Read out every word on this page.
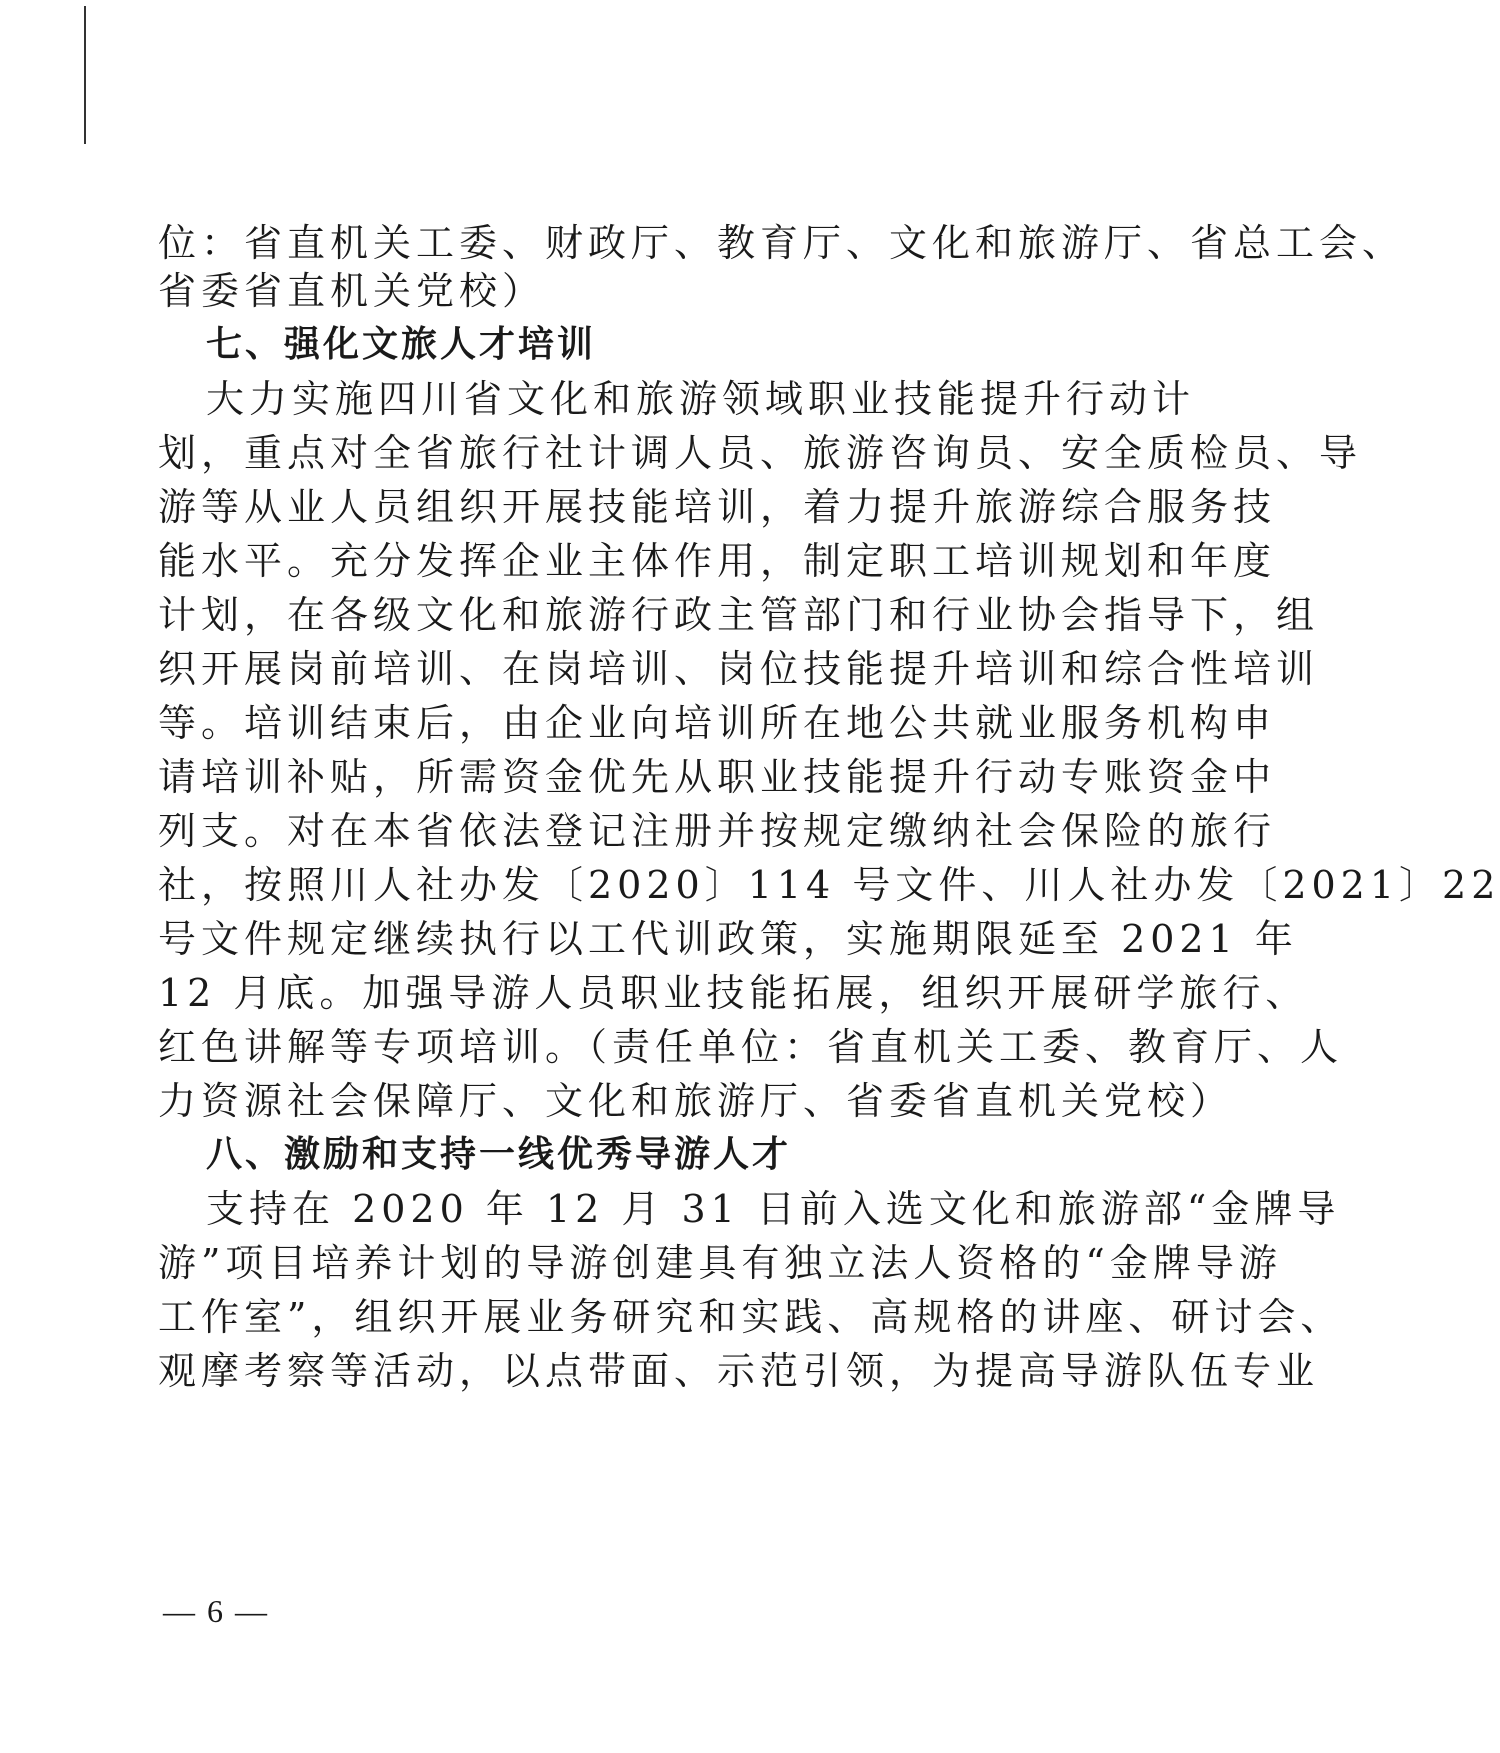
位：省直机关工委、财政厅、教育厅、文化和旅游厅、省总工会、
省委省直机关党校）
七、强化文旅人才培训
大力实施四川省文化和旅游领域职业技能提升行动计
划，重点对全省旅行社计调人员、旅游咨询员、安全质检员、导
游等从业人员组织开展技能培训，着力提升旅游综合服务技
能水平。充分发挥企业主体作用，制定职工培训规划和年度
计划，在各级文化和旅游行政主管部门和行业协会指导下，组
织开展岗前培训、在岗培训、岗位技能提升培训和综合性培训
等。培训结束后，由企业向培训所在地公共就业服务机构申
请培训补贴，所需资金优先从职业技能提升行动专账资金中
列支。对在本省依法登记注册并按规定缴纳社会保险的旅行
社，按照川人社办发〔2020〕114 号文件、川人社办发〔2021〕22
号文件规定继续执行以工代训政策，实施期限延至 2021 年
12 月底。加强导游人员职业技能拓展，组织开展研学旅行、
红色讲解等专项培训。（责任单位：省直机关工委、教育厅、人
力资源社会保障厅、文化和旅游厅、省委省直机关党校）
八、激励和支持一线优秀导游人才
支持在 2020 年 12 月 31 日前入选文化和旅游部“金牌导
游”项目培养计划的导游创建具有独立法人资格的“金牌导游
工作室”，组织开展业务研究和实践、高规格的讲座、研讨会、
观摩考察等活动，以点带面、示范引领，为提高导游队伍专业
— 6 —
